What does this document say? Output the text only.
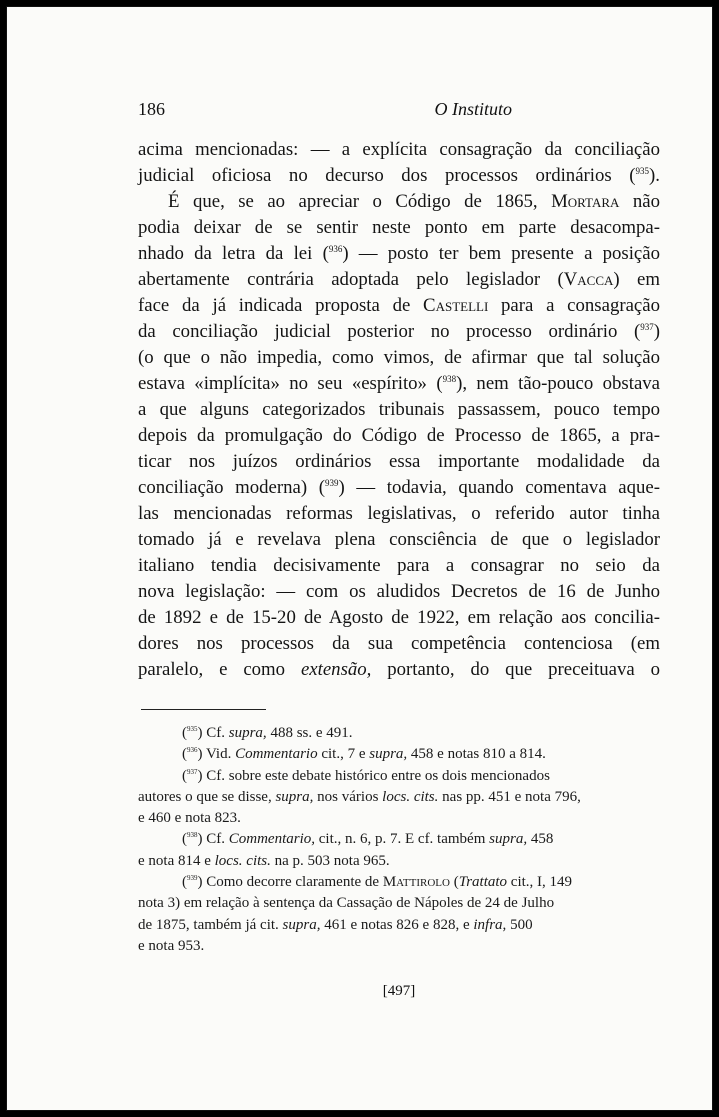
186	O Instituto
acima mencionadas: — a explícita consagração da conciliação
judicial oficiosa no decurso dos processos ordinários ($^{935}$).
É que, se ao apreciar o Código de 1865, Mortara não
podia deixar de se sentir neste ponto em parte desacompa-
nhado da letra da lei ($^{936}$) — posto ter bem presente a posição
abertamente contrária adoptada pelo legislador (Vacca) em
face da já indicada proposta de Castelli para a consagração
da conciliação judicial posterior no processo ordinário ($^{937}$)
(o que o não impedia, como vimos, de afirmar que tal solução
estava «implícita» no seu «espírito» ($^{938}$), nem tão-pouco obstava
a que alguns categorizados tribunais passassem, pouco tempo
depois da promulgação do Código de Processo de 1865, a pra-
ticar nos juízos ordinários essa importante modalidade da
conciliação moderna) ($^{939}$) — todavia, quando comentava aque-
las mencionadas reformas legislativas, o referido autor tinha
tomado já e revelava plena consciência de que o legislador
italiano tendia decisivamente para a consagrar no seio da
nova legislação: — com os aludidos Decretos de 16 de Junho
de 1892 e de 15-20 de Agosto de 1922, em relação aos concilia-
dores nos processos da sua competência contenciosa (em
paralelo, e como extensão, portanto, do que preceituava o

($^{935}$) Cf. supra, 488 ss. e 491.

($^{936}$) Vid. Commentario cit., 7 e supra, 458 e notas 810 a 814.

($^{937}$) Cf. sobre este debate histórico entre os dois mencionados
autores o que se disse, supra, nos vários locs. cits. nas pp. 451 e nota 796,
e 460 e nota 823.
($^{938}$) Cf. Commentario, cit., n. 6, p. 7. E cf. também supra, 458
e nota 814 e locs. cits. na p. 503 nota 965.
($^{939}$) Como decorre claramente de Mattirolo (Trattato cit., I, 149
nota 3) em relação à sentença da Cassação de Nápoles de 24 de Julho
de 1875, também já cit. supra, 461 e notas 826 e 828, e infra, 500
e nota 953.
[497]
